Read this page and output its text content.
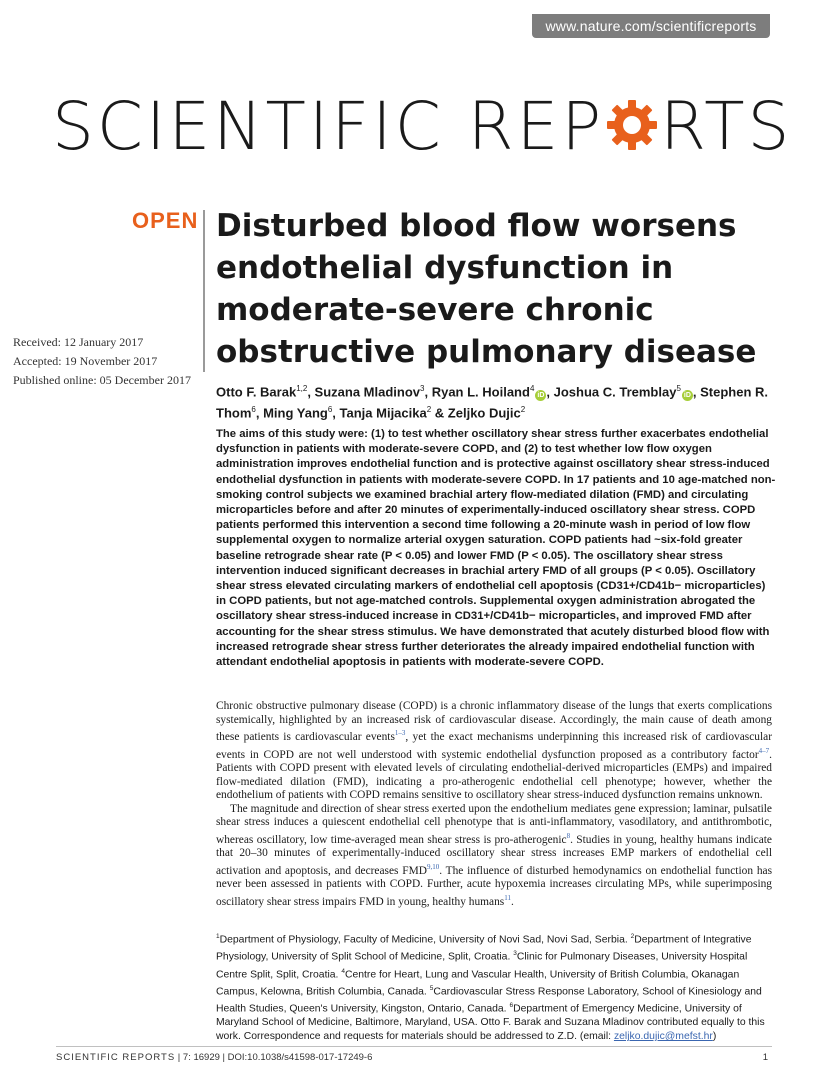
www.nature.com/scientificreports
SCIENTIFIC REP RTS
OPEN Disturbed blood flow worsens endothelial dysfunction in moderate-severe chronic obstructive pulmonary disease
Received: 12 January 2017
Accepted: 19 November 2017
Published online: 05 December 2017
Otto F. Barak$^{1,2}$, Suzana Mladinov$^3$, Ryan L. Hoiland$^4$iD , Joshua C. Tremblay$^5$iD , Stephen R. Thom$^6$, Ming Yang$^6$, Tanja Mijacika$^2$ & Zeljko Dujic$^2$

The aims of this study were: (1) to test whether oscillatory shear stress further exacerbates endothelial dysfunction in patients with moderate-severe COPD, and (2) to test whether low flow oxygen administration improves endothelial function and is protective against oscillatory shear stress-induced endothelial dysfunction in patients with moderate-severe COPD. In 17 patients and 10 age-matched non-smoking control subjects we examined brachial artery flow-mediated dilation (FMD) and circulating microparticles before and after 20 minutes of experimentally-induced oscillatory shear stress. COPD patients performed this intervention a second time following a 20-minute wash in period of low flow supplemental oxygen to normalize arterial oxygen saturation. COPD patients had ~six-fold greater baseline retrograde shear rate (P < 0.05) and lower FMD (P < 0.05). The oscillatory shear stress intervention induced significant decreases in brachial artery FMD of all groups (P < 0.05). Oscillatory shear stress elevated circulating markers of endothelial cell apoptosis (CD31+/CD41b− microparticles) in COPD patients, but not age-matched controls. Supplemental oxygen administration abrogated the oscillatory shear stress-induced increase in CD31+/CD41b− microparticles, and improved FMD after accounting for the shear stress stimulus. We have demonstrated that acutely disturbed blood flow with increased retrograde shear stress further deteriorates the already impaired endothelial function with attendant endothelial apoptosis in patients with moderate-severe COPD.

Chronic obstructive pulmonary disease (COPD) is a chronic inflammatory disease of the lungs that exerts complications systemically, highlighted by an increased risk of cardiovascular disease. Accordingly, the main cause of death among these patients is cardiovascular events$^{1-3}$, yet the exact mechanisms underpinning this increased risk of cardiovascular events in COPD are not well understood with systemic endothelial dysfunction proposed as a contributory factor$^{4-7}$. Patients with COPD present with elevated levels of circulating endothelial-derived microparticles (EMPs) and impaired flow-mediated dilation (FMD), indicating a pro-atherogenic endothelial cell phenotype; however, whether the endothelium of patients with COPD remains sensitive to oscillatory shear stress-induced dysfunction remains unknown.

The magnitude and direction of shear stress exerted upon the endothelium mediates gene expression; laminar, pulsatile shear stress induces a quiescent endothelial cell phenotype that is anti-inflammatory, vasodilatory, and antithrombotic, whereas oscillatory, low time-averaged mean shear stress is pro-atherogenic$^8$. Studies in young, healthy humans indicate that 20–30 minutes of experimentally-induced oscillatory shear stress increases EMP markers of endothelial cell activation and apoptosis, and decreases FMD$^{9,10}$. The influence of disturbed hemodynamics on endothelial function has never been assessed in patients with COPD. Further, acute hypoxemia increases circulating MPs, while superimposing oscillatory shear stress impairs FMD in young, healthy humans$^{11}$.

$^1$Department of Physiology, Faculty of Medicine, University of Novi Sad, Novi Sad, Serbia. $^2$Department of Integrative Physiology, University of Split School of Medicine, Split, Croatia. $^3$Clinic for Pulmonary Diseases, University Hospital Centre Split, Split, Croatia. $^4$Centre for Heart, Lung and Vascular Health, University of British Columbia, Okanagan Campus, Kelowna, British Columbia, Canada. $^5$Cardiovascular Stress Response Laboratory, School of Kinesiology and Health Studies, Queen's University, Kingston, Ontario, Canada. $^6$Department of Emergency Medicine, University of Maryland School of Medicine, Baltimore, Maryland, USA. Otto F. Barak and Suzana Mladinov contributed equally to this work. Correspondence and requests for materials should be addressed to Z.D. (email: zeljko.dujic@mefst.hr)

SCIENTIFIC REPORTS | 7: 16929 | DOI:10.1038/s41598-017-17249-6	1
